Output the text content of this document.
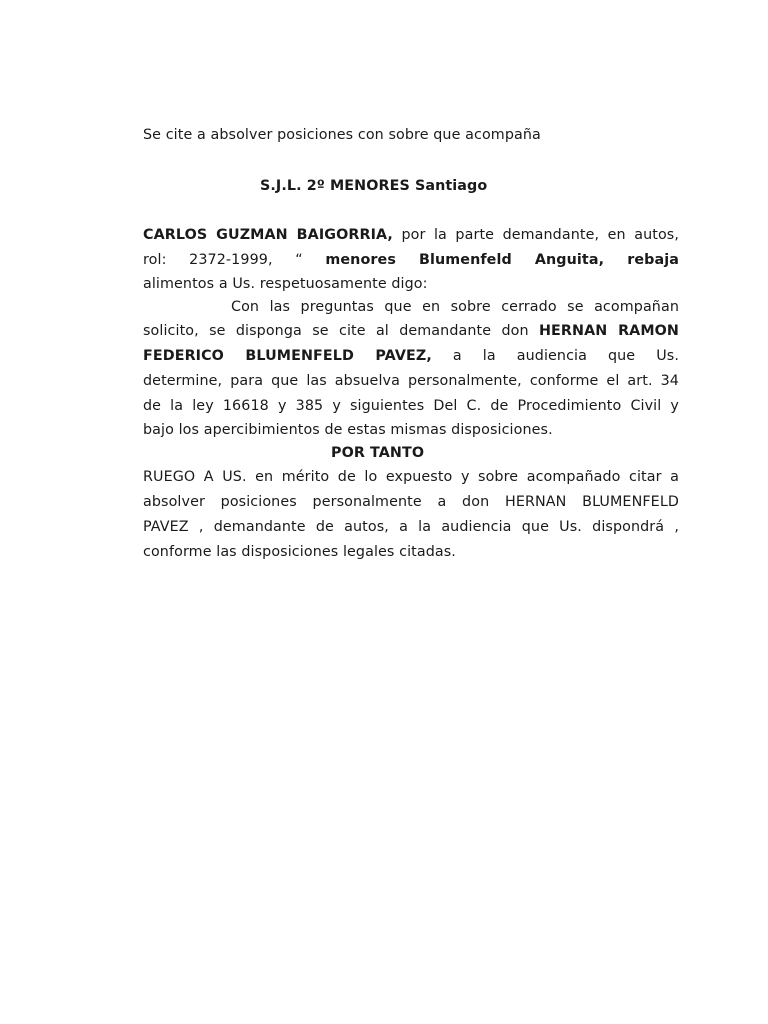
Se cite a absolver posiciones con sobre que acompaña
S.J.L. 2º MENORES Santiago
CARLOS GUZMAN BAIGORRIA, por la parte demandante, en autos,
rol: 2372-1999, “ menores Blumenfeld Anguita, rebaja
alimentos a Us. respetuosamente digo:
Con las preguntas que en sobre cerrado se acompañan
solicito, se disponga se cite al demandante don HERNAN RAMON
FEDERICO BLUMENFELD PAVEZ, a la audiencia que Us.
determine, para que las absuelva personalmente, conforme el art. 34
de la ley 16618 y 385 y siguientes Del C. de Procedimiento Civil y
bajo los apercibimientos de estas mismas disposiciones.
POR TANTO
RUEGO A US. en mérito de lo expuesto y sobre acompañado citar a
absolver posiciones personalmente a don HERNAN BLUMENFELD
PAVEZ , demandante de autos, a la audiencia que Us. dispondrá ,
conforme las disposiciones legales citadas.
